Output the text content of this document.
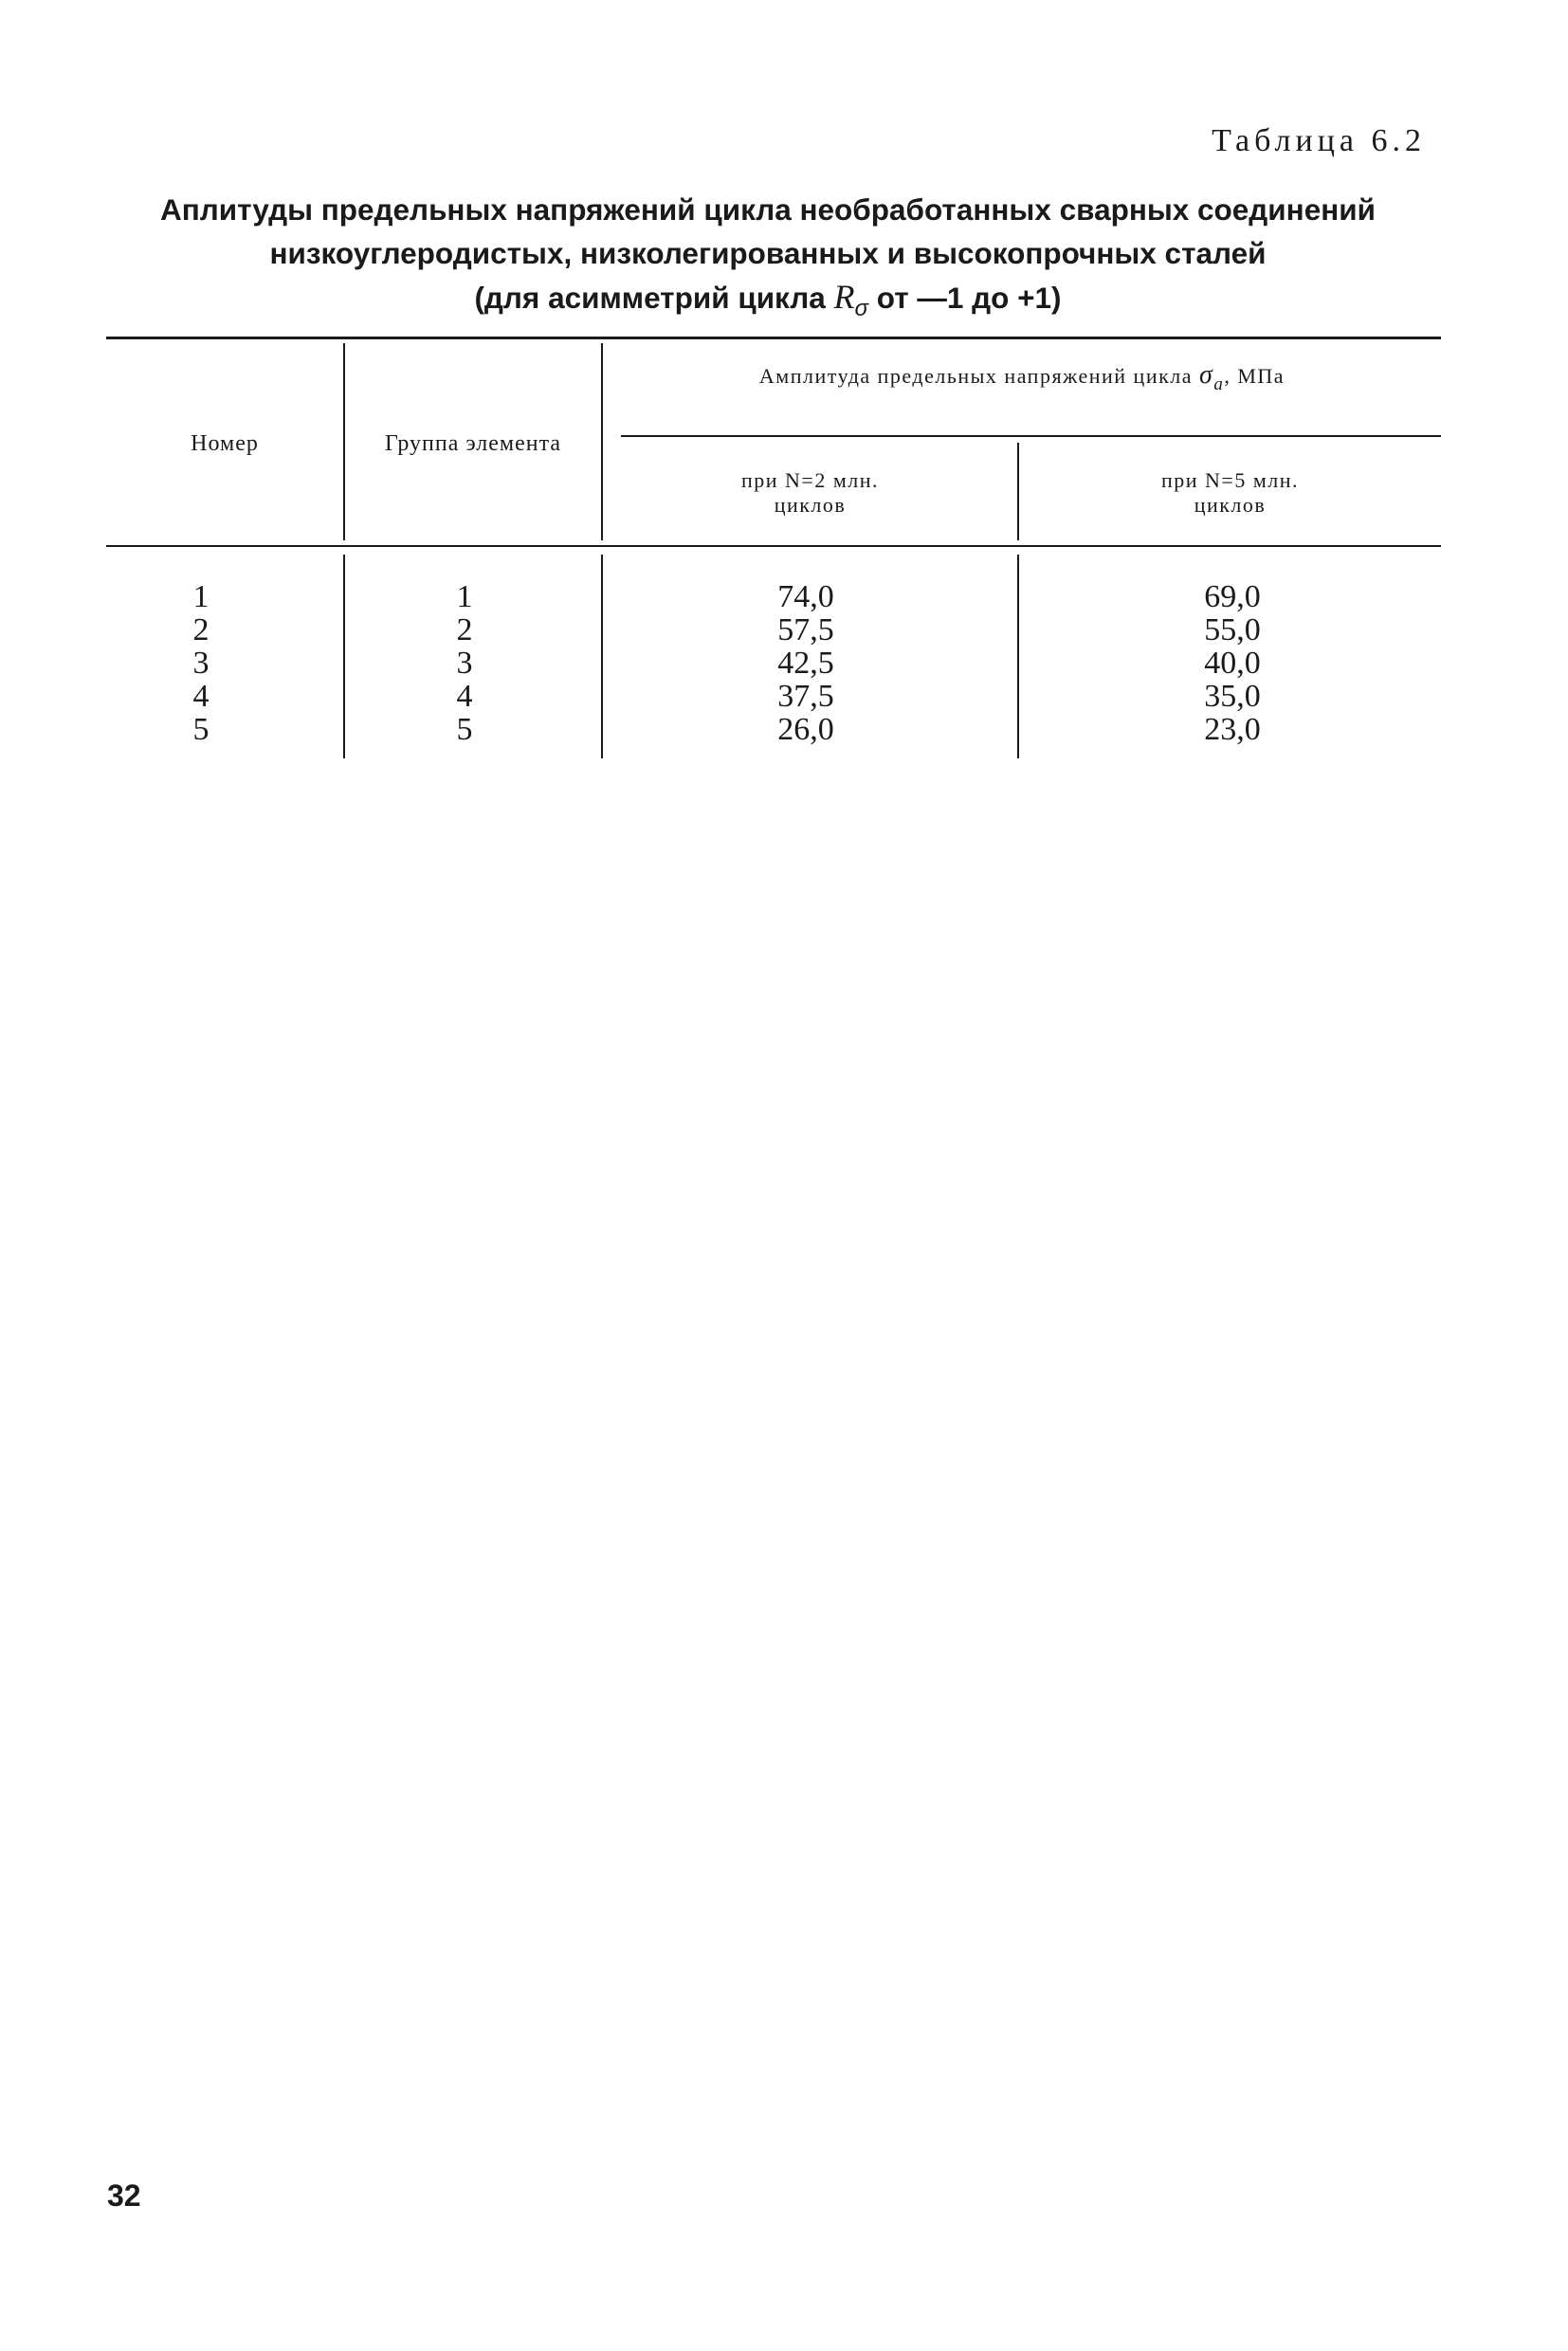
Таблица 6.2
Аплитуды предельных напряжений цикла необработанных сварных соединений
низкоуглеродистых, низколегированных и высокопрочных сталей
(для асимметрий цикла $R_\sigma$ от —1 до +1)
Номер	Группа элемента
Амплитуда предельных напряжений цикла σa, МПа
при N=2 млн.
циклов
при N=5 млн.
циклов
1
2
3
4
5
1
2
3
4
5
74,0
57,5
42,5
37,5
26,0
69,0
55,0
40,0
35,0
23,0
32
